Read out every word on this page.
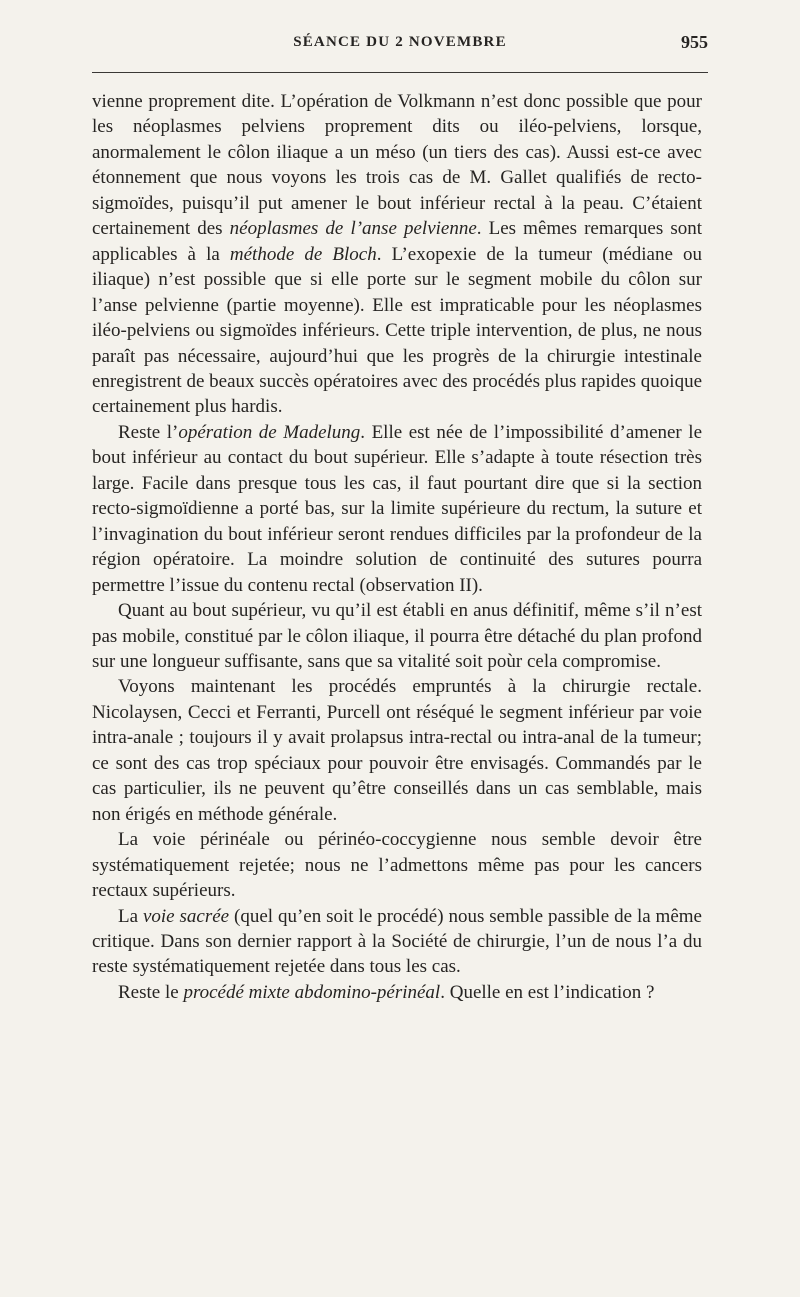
SÉANCE DU 2 NOVEMBRE	955

vienne proprement dite. L’opération de Volkmann n’est donc possible que pour les néoplasmes pelviens proprement dits ou iléo-pelviens, lorsque, anormalement le côlon iliaque a un méso (un tiers des cas). Aussi est-ce avec étonnement que nous voyons les trois cas de M. Gallet qualifiés de recto-sigmoïdes, puisqu’il put amener le bout inférieur rectal à la peau. C’étaient certainement des néoplasmes de l’anse pelvienne. Les mêmes remarques sont applicables à la méthode de Bloch. L’exopexie de la tumeur (médiane ou iliaque) n’est possible que si elle porte sur le segment mobile du côlon sur l’anse pelvienne (partie moyenne). Elle est impraticable pour les néoplasmes iléo-pelviens ou sigmoïdes inférieurs. Cette triple intervention, de plus, ne nous paraît pas nécessaire, aujourd’hui que les progrès de la chirurgie intestinale enregistrent de beaux succès opératoires avec des procédés plus rapides quoique certainement plus hardis.

Reste l’opération de Madelung. Elle est née de l’impossibilité d’amener le bout inférieur au contact du bout supérieur. Elle s’adapte à toute résection très large. Facile dans presque tous les cas, il faut pourtant dire que si la section recto-sigmoïdienne a porté bas, sur la limite supérieure du rectum, la suture et l’invagination du bout inférieur seront rendues difficiles par la profondeur de la région opératoire. La moindre solution de continuité des sutures pourra permettre l’issue du contenu rectal (observation II).

Quant au bout supérieur, vu qu’il est établi en anus définitif, même s’il n’est pas mobile, constitué par le côlon iliaque, il pourra être détaché du plan profond sur une longueur suffisante, sans que sa vitalité soit poùr cela compromise.

Voyons maintenant les procédés empruntés à la chirurgie rectale. Nicolaysen, Cecci et Ferranti, Purcell ont réséqué le segment inférieur par voie intra-anale ; toujours il y avait prolapsus intra-rectal ou intra-anal de la tumeur; ce sont des cas trop spéciaux pour pouvoir être envisagés. Commandés par le cas particulier, ils ne peuvent qu’être conseillés dans un cas semblable, mais non érigés en méthode générale.

La voie périnéale ou périnéo-coccygienne nous semble devoir être systématiquement rejetée; nous ne l’admettons même pas pour les cancers rectaux supérieurs.

La voie sacrée (quel qu’en soit le procédé) nous semble passible de la même critique. Dans son dernier rapport à la Société de chirurgie, l’un de nous l’a du reste systématiquement rejetée dans tous les cas.

Reste le procédé mixte abdomino-périnéal. Quelle en est l’indication ?
